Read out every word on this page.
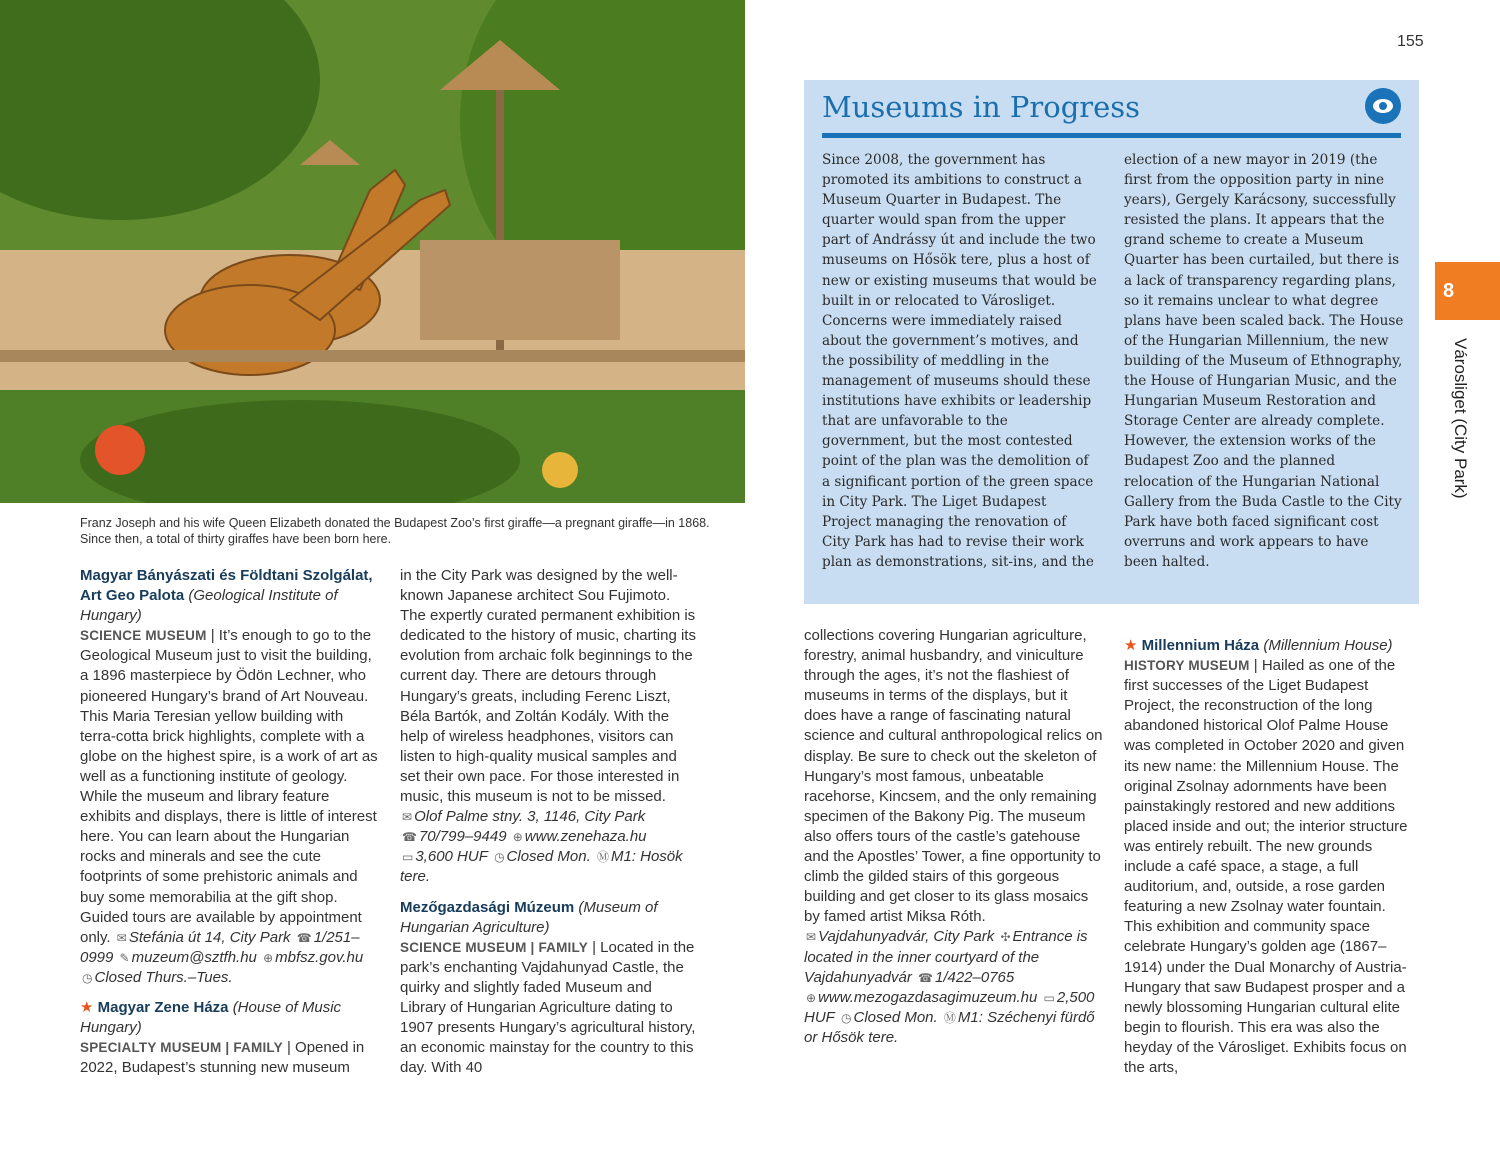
Franz Joseph and his wife Queen Elizabeth donated the Budapest Zoo’s first giraffe—a pregnant giraffe—in 1868. Since then, a total of thirty giraffes have been born here.

Magyar Bányászati és Földtani Szolgálat, Art Geo Palota (Geological Institute of Hungary)
SCIENCE MUSEUM | It’s enough to go to the Geological Museum just to visit the building, a 1896 masterpiece by Ödön Lechner, who pioneered Hungary’s brand of Art Nouveau. This Maria Teresian yellow building with terra-cotta brick highlights, complete with a globe on the highest spire, is a work of art as well as a functioning institute of geology. While the museum and library feature exhibits and displays, there is little of interest here. You can learn about the Hungarian rocks and minerals and see the cute footprints of some prehistoric animals and buy some memorabilia at the gift shop. Guided tours are available by appointment only. ✉ Stefánia út 14, City Park ☎ 1/251–0999 ✎ muzeum@sztfh.hu ⊕ mbfsz.gov.hu ◷ Closed Thurs.–Tues.

★ Magyar Zene Háza (House of Music Hungary)
SPECIALTY MUSEUM | FAMILY | Opened in 2022, Budapest’s stunning new museum

in the City Park was designed by the well-known Japanese architect Sou Fujimoto. The expertly curated permanent exhibition is dedicated to the history of music, charting its evolution from archaic folk beginnings to the current day. There are detours through Hungary’s greats, including Ferenc Liszt, Béla Bartók, and Zoltán Kodály. With the help of wireless headphones, visitors can listen to high-quality musical samples and set their own pace. For those interested in music, this museum is not to be missed.
✉ Olof Palme stny. 3, 1146, City Park ☎ 70/799–9449 ⊕ www.zenehaza.hu ▭ 3,600 HUF ◷ Closed Mon. Ⓜ M1: Hosök tere.

Mezőgazdasági Múzeum (Museum of Hungarian Agriculture)
SCIENCE MUSEUM | FAMILY | Located in the park’s enchanting Vajdahunyad Castle, the quirky and slightly faded Museum and Library of Hungarian Agriculture dating to 1907 presents Hungary’s agricultural history, an economic mainstay for the country to this day. With 40

155
Museums in Progress
Since 2008, the government has promoted its ambitions to construct a Museum Quarter in Budapest. The quarter would span from the upper part of Andrássy út and include the two museums on Hősök tere, plus a host of new or existing museums that would be built in or relocated to Városliget. Concerns were immediately raised about the government’s motives, and the possibility of meddling in the management of museums should these institutions have exhibits or leadership that are unfavorable to the government, but the most contested point of the plan was the demolition of a significant portion of the green space in City Park. The Liget Budapest Project managing the renovation of City Park has had to revise their work plan as demonstrations, sit-ins, and the
election of a new mayor in 2019 (the first from the opposition party in nine years), Gergely Karácsony, successfully resisted the plans. It appears that the grand scheme to create a Museum Quarter has been curtailed, but there is a lack of transparency regarding plans, so it remains unclear to what degree plans have been scaled back. The House of the Hungarian Millennium, the new building of the Museum of Ethnography, the House of Hungarian Music, and the Hungarian Museum Restoration and Storage Center are already complete. However, the extension works of the Budapest Zoo and the planned relocation of the Hungarian National Gallery from the Buda Castle to the City Park have both faced significant cost overruns and work appears to have been halted.

collections covering Hungarian agriculture, forestry, animal husbandry, and viniculture through the ages, it’s not the flashiest of museums in terms of the displays, but it does have a range of fascinating natural science and cultural anthropological relics on display. Be sure to check out the skeleton of Hungary’s most famous, unbeatable racehorse, Kincsem, and the only remaining specimen of the Bakony Pig. The museum also offers tours of the castle’s gatehouse and the Apostles’ Tower, a fine opportunity to climb the gilded stairs of this gorgeous building and get closer to its glass mosaics by famed artist Miksa Róth.
✉ Vajdahunyadvár, City Park ✣ Entrance is located in the inner courtyard of the Vajdahunyadvár ☎ 1/422–0765 ⊕ www.mezogazdasagimuzeum.hu ▭ 2,500 HUF ◷ Closed Mon. Ⓜ M1: Széchenyi fürdő or Hősök tere.

★ Millennium Háza (Millennium House)
HISTORY MUSEUM | Hailed as one of the first successes of the Liget Budapest Project, the reconstruction of the long abandoned historical Olof Palme House was completed in October 2020 and given its new name: the Millennium House. The original Zsolnay adornments have been painstakingly restored and new additions placed inside and out; the interior structure was entirely rebuilt. The new grounds include a café space, a stage, a full auditorium, and, outside, a rose garden featuring a new Zsolnay water fountain. This exhibition and community space celebrate Hungary’s golden age (1867–1914) under the Dual Monarchy of Austria-Hungary that saw Budapest prosper and a newly blossoming Hungarian cultural elite begin to flourish. This era was also the heyday of the Városliget. Exhibits focus on the arts,

8
Városliget (City Park)
